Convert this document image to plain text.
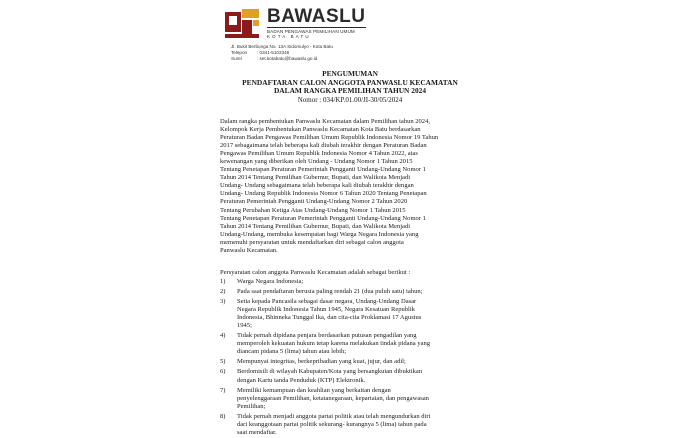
BAWASLU
BADAN PENGAWAS PEMILIHAN UMUM
KOTA BATU
Jl. Bukit Berbunga No. 13A Sidomulyo - Kota Batu
Telepon	: 0341-5102346
Surel	: set.kotabatu@bawaslu.go.id
PENGUMUMAN
PENDAFTARAN CALON ANGGOTA PANWASLU KECAMATAN
DALAM RANGKA PEMILIHAN TAHUN 2024
Nomor : 034/KP.01.00/JI-30/05/2024
Dalam rangka pembentukan Panwaslu Kecamatan dalam Pemilihan tahun 2024,
Kelompok Kerja Pembentukan Panwaslu Kecamatan Kota Batu berdasarkan
Peraturan Badan Pengawas Pemilihan Umum Republik Indonesia Nomor 19 Tahun
2017 sebagaimana telah beberapa kali diubah terakhir dengan Peraturan Badan
Pengawas Pemilihan Umum Republik Indonesia Nomor 4 Tahun 2022, atas
kewenangan yang diberikan oleh Undang - Undang Nomor 1 Tahun 2015
Tentang Penetapan Peraturan Pemerintah Pengganti Undang-Undang Nomor 1
Tahun 2014 Tentang Pemilihan Gubernur, Bupati, dan Walikota Menjadi
Undang- Undang sebagaimana telah beberapa kali diubah terakhir dengan
Undang- Undang Republik Indonesia Nomor 6 Tahun 2020 Tentang Penetapan
Peraturan Pemerintah Pengganti Undang-Undang Nomor 2 Tahun 2020
Tentang Perubahan Ketiga Atas Undang-Undang Nomor 1 Tahun 2015
Tentang Penetapan Peraturan Pemerintah Pengganti Undang-Undang Nomor 1
Tahun 2014 Tentang Pemilihan Gubernur, Bupati, dan Walikota Menjadi
Undang-Undang, membuka kesempatan bagi Warga Negara Indonesia yang
memenuhi persyaratan untuk mendaftarkan diri sebagai calon anggota
Panwaslu Kecamatan.
Persyaratan calon anggota Panwaslu Kecamatan adalah sebagai berikut :
1)	Warga Negara Indonesia;
2)	Pada saat pendaftaran berusia paling rendah 21 (dua puluh satu) tahun;
3)	Setia kepada Pancasila sebagai dasar negara, Undang-Undang Dasar
Negara Republik Indonesia Tahun 1945, Negara Kesatuan Republik
Indonesia, Bhinneka Tunggal Ika, dan cita-cita Proklamasi 17 Agustus
1945;
4)	Tidak pernah dipidana penjara berdasarkan putusan pengadilan yang
memperoleh kekuatan hukum tetap karena melakukan tindak pidana yang
diancam pidana 5 (lima) tahun atau lebih;
5)	Mempunyai integritas, berkepribadian yang kuat, jujur, dan adil;
6)	Berdomisili di wilayah Kabupaten/Kota yang bersangkutan dibuktikan
dengan Kartu tanda Penduduk (KTP) Elektronik.
7)	Memiliki kemampuan dan keahlian yang berkaitan dengan
penyelenggaraan Pemilihan, ketatanegaraan, kepartaian, dan pengawasan
Pemilihan;
8)	Tidak pernah menjadi anggota partai politik atau telah mengundurkan diri
dari keanggotaan partai politik sekurang- kurangnya 5 (lima) tahun pada
saat mendaftar.
